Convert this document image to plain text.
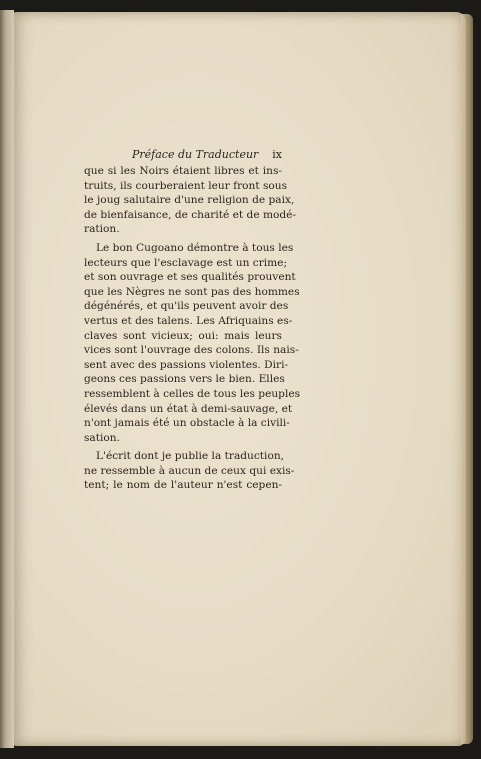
Préface du Traducteur ix
que si les Noirs étaient libres et ins-
truits, ils courberaient leur front sous
le joug salutaire d'une religion de paix,
de bienfaisance, de charité et de modé-
ration.
Le bon Cugoano démontre à tous les
lecteurs que l'esclavage est un crime;
et son ouvrage et ses qualités prouvent
que les Nègres ne sont pas des hommes
dégénérés, et qu'ils peuvent avoir des
vertus et des talens. Les Afriquains es-
claves sont vicieux; oui: mais leurs
vices sont l'ouvrage des colons. Ils nais-
sent avec des passions violentes. Diri-
geons ces passions vers le bien. Elles
ressemblent à celles de tous les peuples
élevés dans un état à demi-sauvage, et
n'ont jamais été un obstacle à la civili-
sation.
L'écrit dont je publie la traduction,
ne ressemble à aucun de ceux qui exis-
tent; le nom de l'auteur n'est cepen-
